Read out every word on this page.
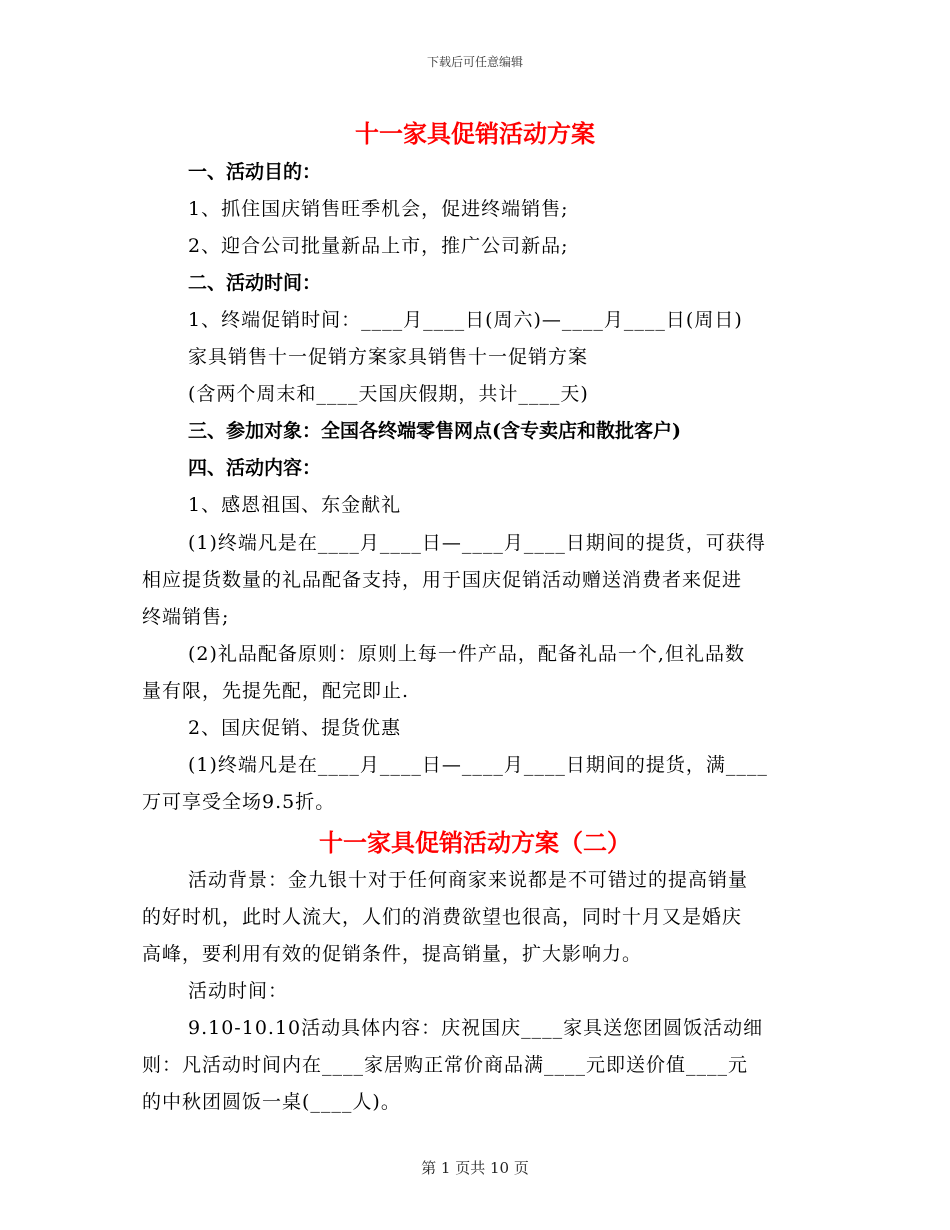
下载后可任意编辑
十一家具促销活动方案
一、活动目的：
1、抓住国庆销售旺季机会，促进终端销售;
2、迎合公司批量新品上市，推广公司新品;
二、活动时间：
1、终端促销时间：____月____日(周六)—____月____日(周日)
家具销售十一促销方案家具销售十一促销方案
(含两个周末和____天国庆假期，共计____天)
三、参加对象：全国各终端零售网点(含专卖店和散批客户)
四、活动内容：
1、感恩祖国、东金献礼
(1)终端凡是在____月____日—____月____日期间的提货，可获得
相应提货数量的礼品配备支持，用于国庆促销活动赠送消费者来促进
终端销售;
(2)礼品配备原则：原则上每一件产品，配备礼品一个,但礼品数
量有限，先提先配，配完即止.
2、国庆促销、提货优惠
(1)终端凡是在____月____日—____月____日期间的提货，满____
万可享受全场9.5折。
十一家具促销活动方案（二）
活动背景：金九银十对于任何商家来说都是不可错过的提高销量
的好时机，此时人流大，人们的消费欲望也很高，同时十月又是婚庆
高峰，要利用有效的促销条件，提高销量，扩大影响力。
活动时间：
9.10-10.10活动具体内容：庆祝国庆____家具送您团圆饭活动细
则：凡活动时间内在____家居购正常价商品满____元即送价值____元
的中秋团圆饭一桌(____人)。
第 1 页共 10 页
